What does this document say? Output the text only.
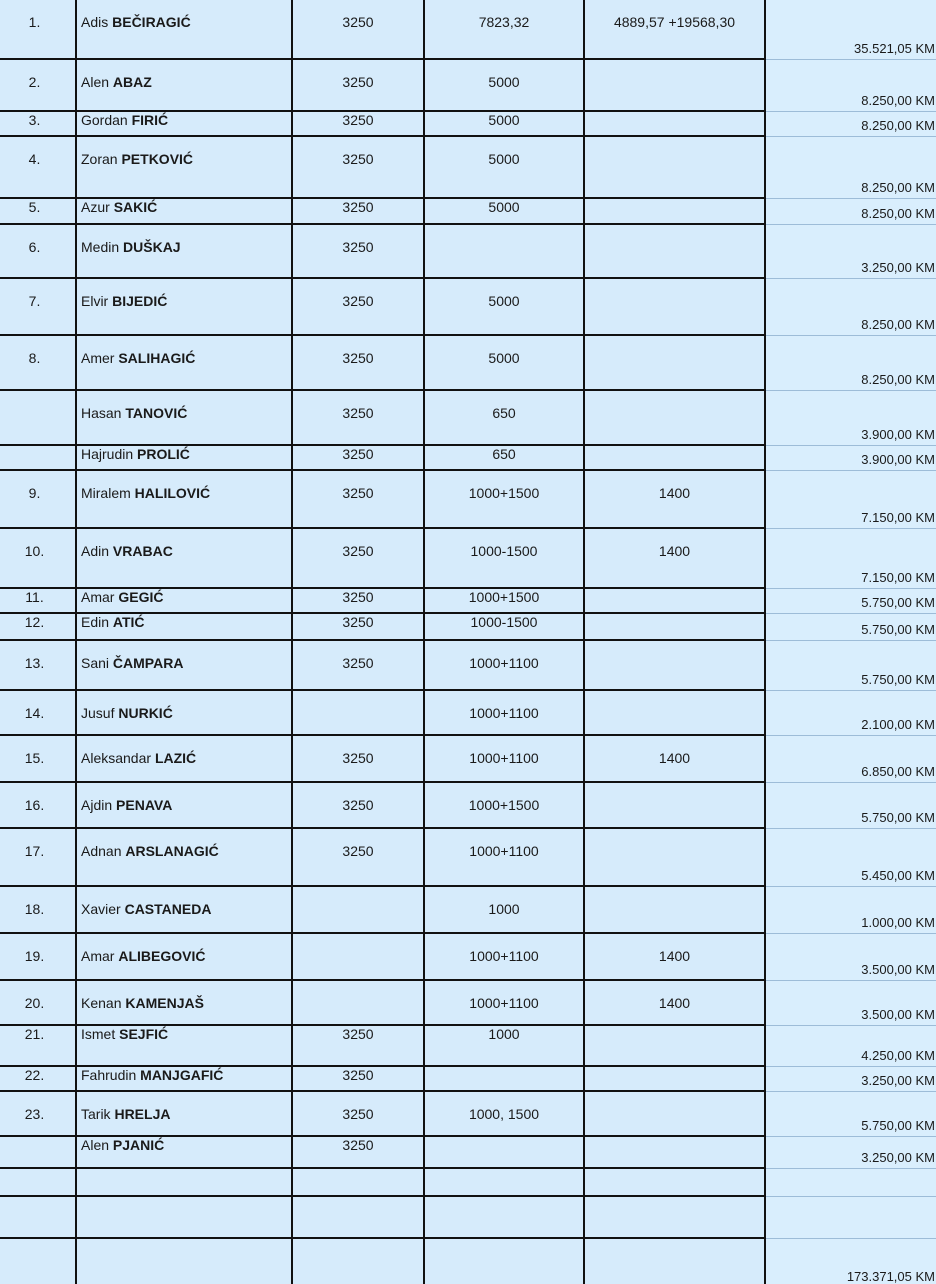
1.	Adis BEČIRAGIĆ	3250	7823,32	4889,57 +19568,30	35.521,05 KM
2.	Alen ABAZ	3250	5000		8.250,00 KM
3.	Gordan FIRIĆ	3250	5000		8.250,00 KM
4.	Zoran PETKOVIĆ	3250	5000		8.250,00 KM
5.	Azur SAKIĆ	3250	5000		8.250,00 KM
6.	Medin DUŠKAJ	3250			3.250,00 KM
7.	Elvir BIJEDIĆ	3250	5000		8.250,00 KM
8.	Amer SALIHAGIĆ	3250	5000		8.250,00 KM
	Hasan TANOVIĆ	3250	650		3.900,00 KM
	Hajrudin PROLIĆ	3250	650		3.900,00 KM
9.	Miralem HALILOVIĆ	3250	1000+1500	1400	7.150,00 KM
10.	Adin VRABAC	3250	1000-1500	1400	7.150,00 KM
11.	Amar GEGIĆ	3250	1000+1500		5.750,00 KM
12.	Edin ATIĆ	3250	1000-1500		5.750,00 KM
13.	Sani ČAMPARA	3250	1000+1100		5.750,00 KM
14.	Jusuf NURKIĆ		1000+1100		2.100,00 KM
15.	Aleksandar LAZIĆ	3250	1000+1100	1400	6.850,00 KM
16.	Ajdin PENAVA	3250	1000+1500		5.750,00 KM
17.	Adnan ARSLANAGIĆ	3250	1000+1100		5.450,00 KM
18.	Xavier CASTANEDA		1000		1.000,00 KM
19.	Amar ALIBEGOVIĆ		1000+1100	1400	3.500,00 KM
20.	Kenan KAMENJAŠ		1000+1100	1400	3.500,00 KM
21.	Ismet SEJFIĆ	3250	1000		4.250,00 KM
22.	Fahrudin MANJGAFIĆ	3250			3.250,00 KM
23.	Tarik HRELJA	3250	1000, 1500		5.750,00 KM
	Alen PJANIĆ	3250			3.250,00 KM

					173.371,05 KM
